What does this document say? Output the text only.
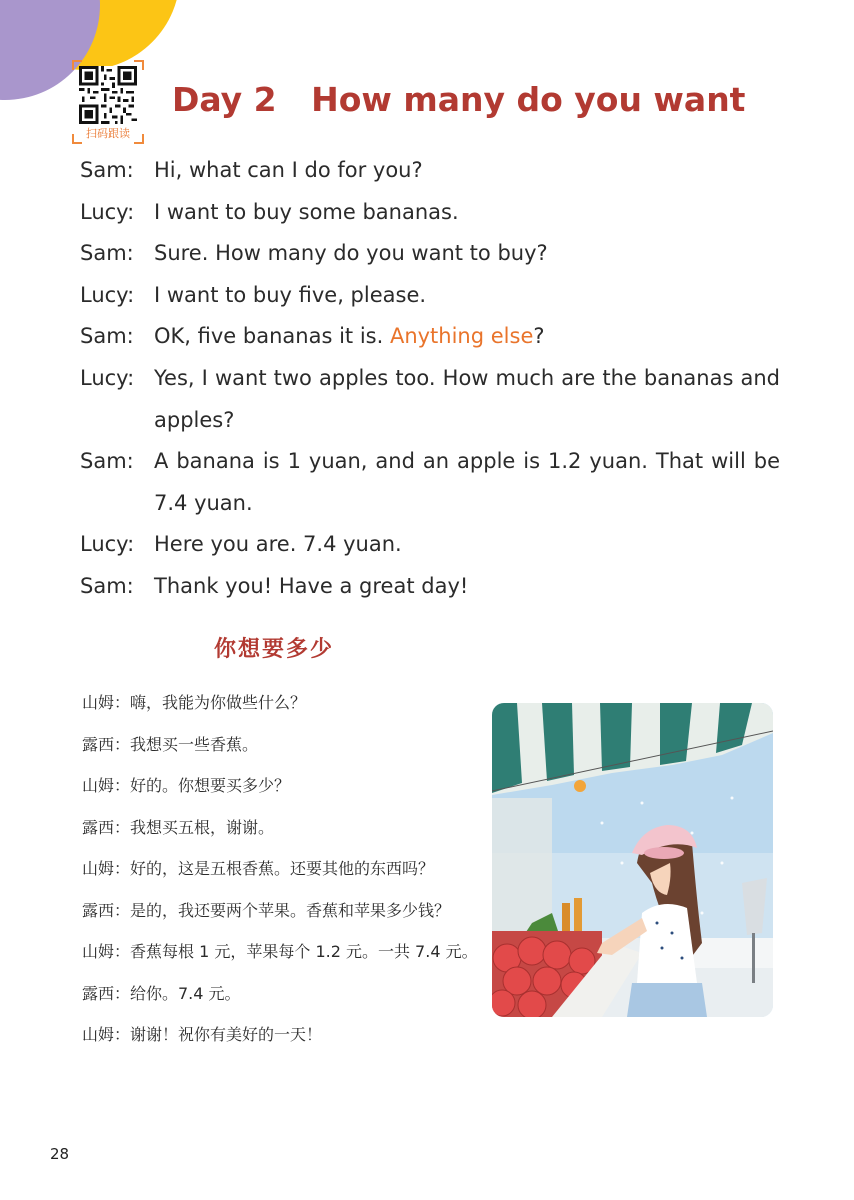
扫码跟读
Day 2   How many do you want
Sam: Hi, what can I do for you?
Lucy: I want to buy some bananas.
Sam: Sure. How many do you want to buy?
Lucy: I want to buy five, please.
Sam: OK, five bananas it is. Anything else?
Lucy: Yes, I want two apples too. How much are the bananas and apples?
Sam: A banana is 1 yuan, and an apple is 1.2 yuan. That will be 7.4 yuan.
Lucy: Here you are. 7.4 yuan.
Sam: Thank you! Have a great day!
你想要多少
山姆：嗨，我能为你做些什么？
露西：我想买一些香蕉。
山姆：好的。你想要买多少？
露西：我想买五根，谢谢。
山姆：好的，这是五根香蕉。还要其他的东西吗？
露西：是的，我还要两个苹果。香蕉和苹果多少钱？
山姆：香蕉每根 1 元，苹果每个 1.2 元。一共 7.4 元。
露西：给你。7.4 元。
山姆：谢谢！祝你有美好的一天！
28
